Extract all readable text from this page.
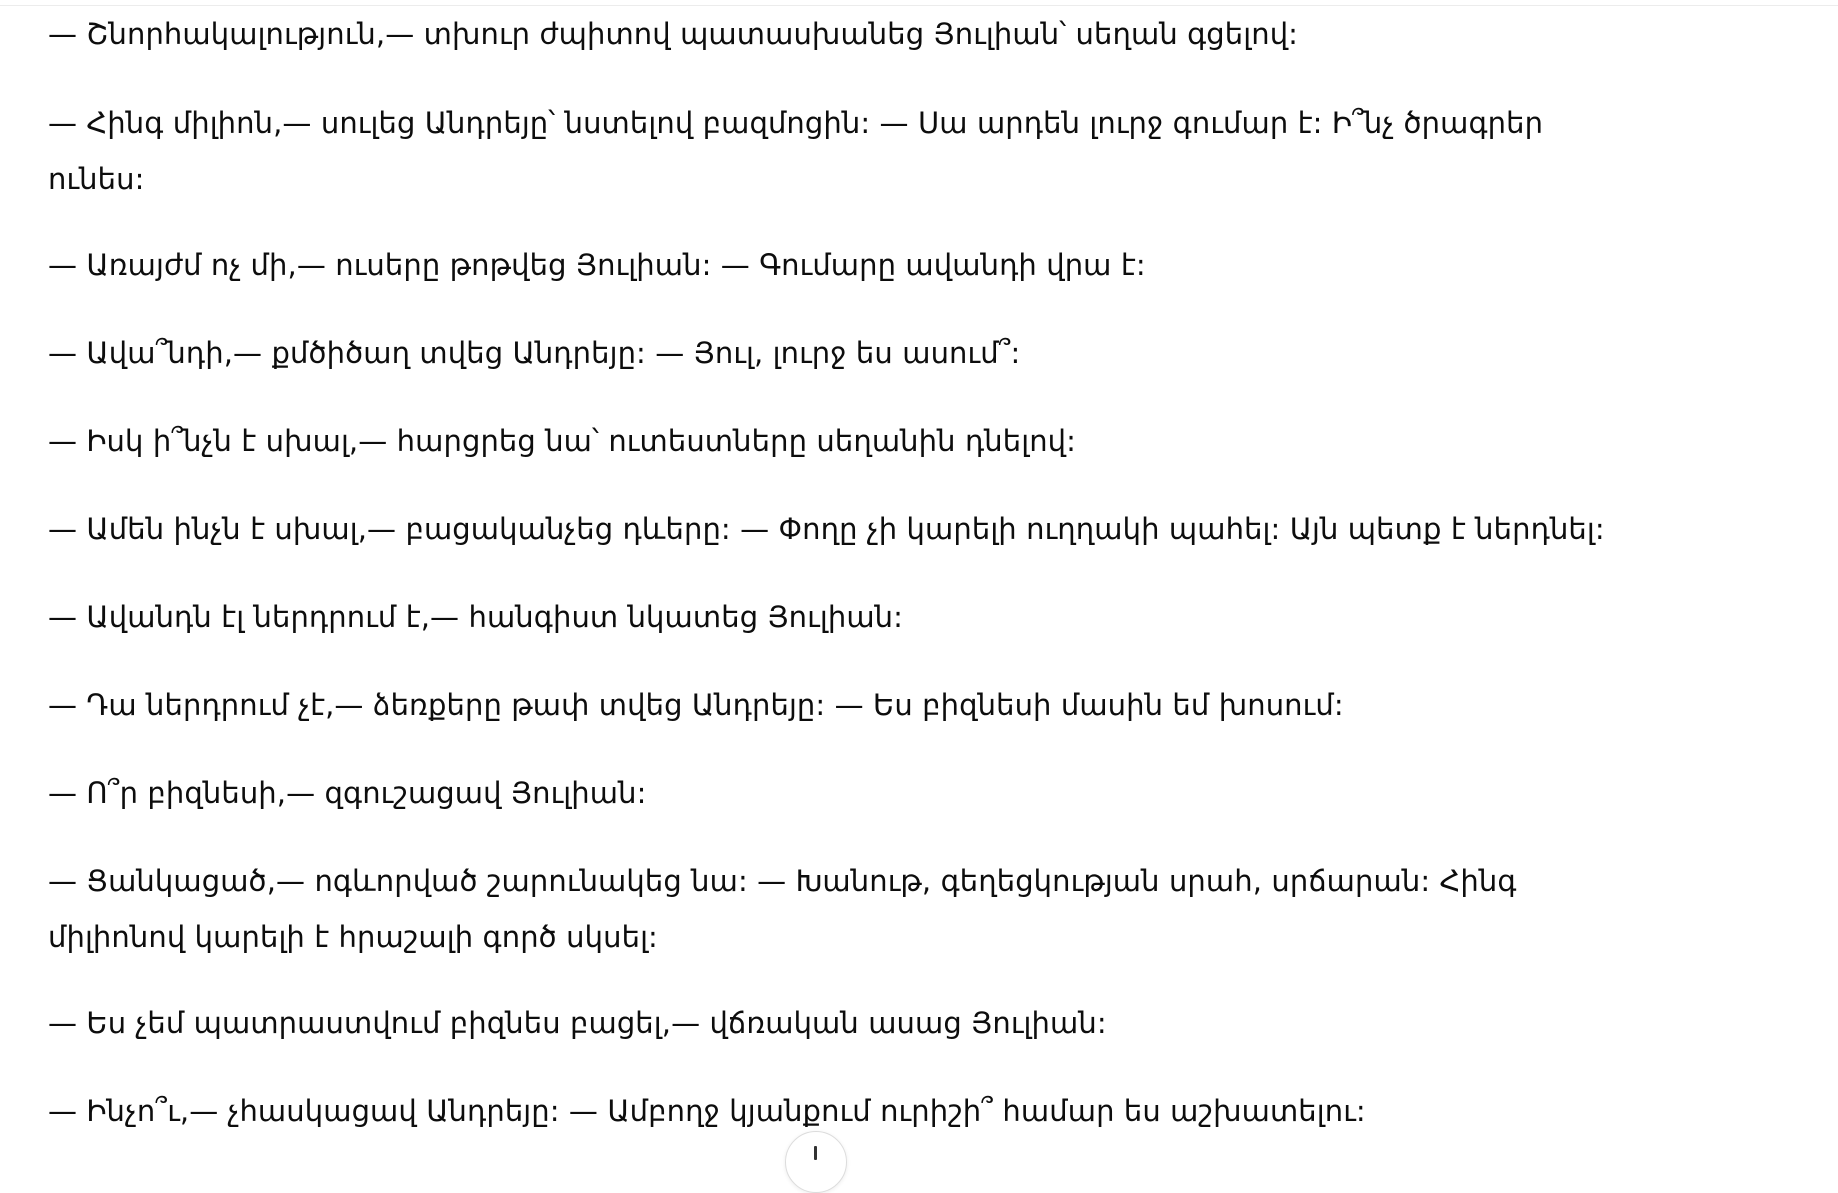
— Շնորհակալություն,— տխուր ժպիտով պատասխանեց Յուլիան՝ սեղան գցելով:

— Հինգ միլիոն,— սուլեց Անդրեյը՝ նստելով բազմոցին: — Սա արդեն լուրջ գումար է: Ի՞նչ ծրագրեր ունես:

— Առայժմ ոչ մի,— ուսերը թոթվեց Յուլիան: — Գումարը ավանդի վրա է:

— Ավա՞նդի,— քմծիծաղ տվեց Անդրեյը: — Յուլ, լուրջ ես ասում՞:

— Իսկ ի՞նչն է սխալ,— հարցրեց նա՝ ուտեստները սեղանին դնելով:

— Ամեն ինչն է սխալ,— բացականչեց դևերը: — Փողը չի կարելի ուղղակի պահել: Այն պետք է ներդնել:

— Ավանդն էլ ներդրում է,— հանգիստ նկատեց Յուլիան:

— Դա ներդրում չէ,— ձեռքերը թափ տվեց Անդրեյը: — Ես բիզնեսի մասին եմ խոսում:

— Ո՞ր բիզնեսի,— զգուշացավ Յուլիան:

— Ցանկացած,— ոգևորված շարունակեց նա: — Խանութ, գեղեցկության սրահ, սրճարան: Հինգ միլիոնով կարելի է հրաշալի գործ սկսել:

— Ես չեմ պատրաստվում բիզնես բացել,— վճռական ասաց Յուլիան:

— Ինչո՞ւ,— չհասկացավ Անդրեյը: — Ամբողջ կյանքում ուրիշի՞ համար ես աշխատելու:
